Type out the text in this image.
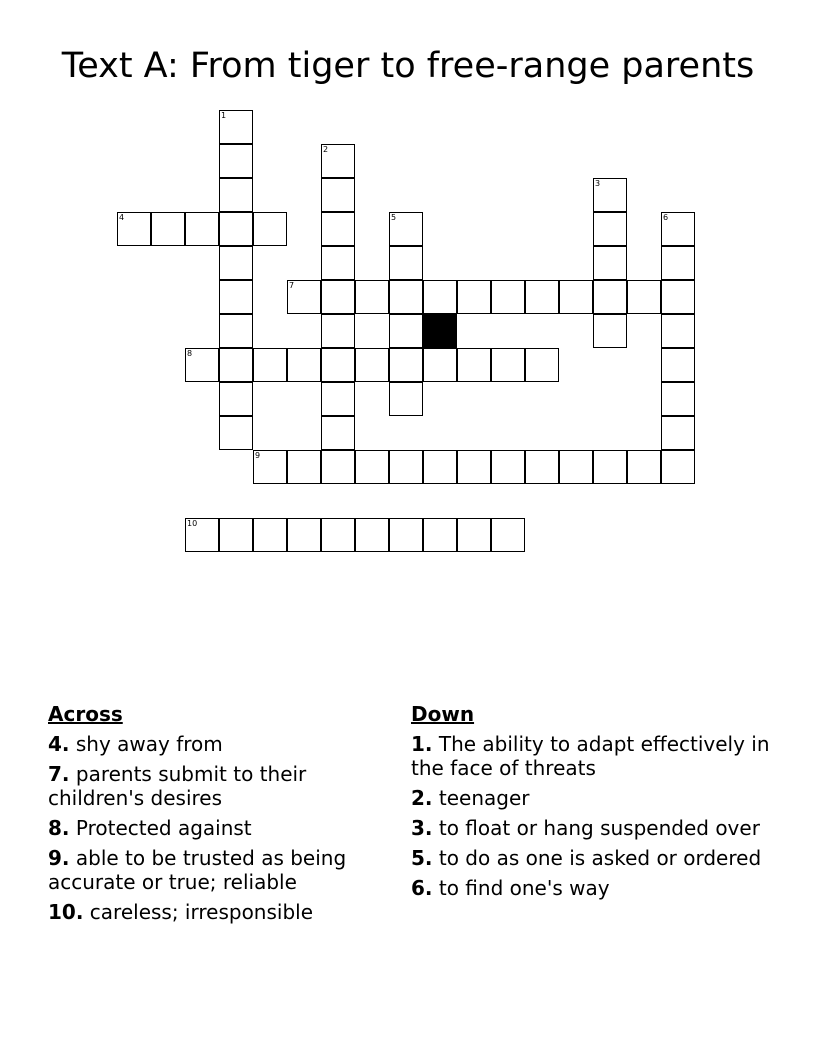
Text A: From tiger to free-range parents
4
7
8
9
10
1
2
3
5	6
Across
4. shy away from
7. parents submit to their children's desires
8. Protected against
9. able to be trusted as being accurate or true; reliable
10. careless; irresponsible
Down
1. The ability to adapt effectively in the face of threats
2. teenager
3. to float or hang suspended over
5. to do as one is asked or ordered
6. to find one's way
